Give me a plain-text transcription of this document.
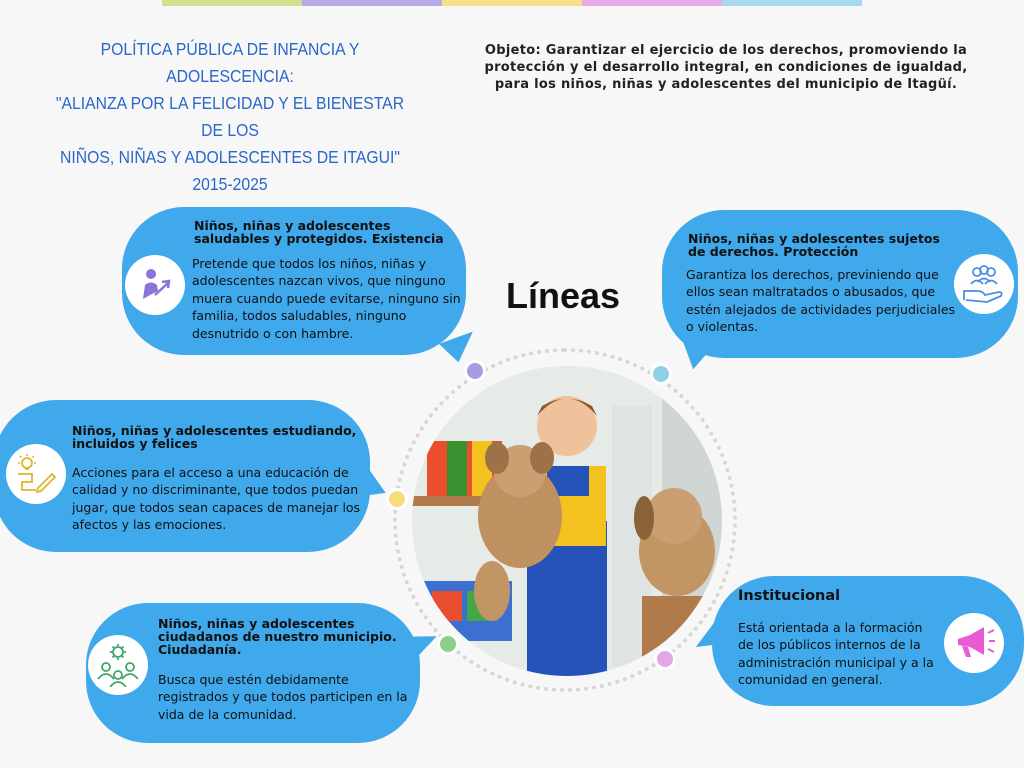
POLÍTICA PÚBLICA DE INFANCIA Y ADOLESCENCIA:
"ALIANZA POR LA FELICIDAD Y EL BIENESTAR DE LOS
NIÑOS, NIÑAS Y ADOLESCENTES DE ITAGUI"
2015-2025
Objeto: Garantizar el ejercicio de los derechos, promoviendo la protección y el desarrollo integral, en condiciones de igualdad, para los niños, niñas y adolescentes del municipio de Itagüí.
Líneas
Niños, niñas y adolescentes saludables y protegidos. Existencia
Pretende que todos los niños, niñas y adolescentes nazcan vivos, que ninguno muera cuando puede evitarse, ninguno sin familia, todos saludables, ninguno desnutrido o con hambre.
Niños, niñas y adolescentes sujetos de derechos. Protección
Garantiza los derechos, previniendo que ellos sean maltratados o abusados, que estén alejados de actividades perjudiciales o violentas.
Niños, niñas y adolescentes estudiando, incluidos y felices
Acciones para el acceso a una educación de calidad y no discriminante, que todos puedan jugar, que todos sean capaces de manejar los afectos y las emociones.
Niños, niñas y adolescentes ciudadanos de nuestro municipio. Ciudadanía.
Busca que estén debidamente registrados y que todos participen en la vida de la comunidad.
Institucional
Está orientada a la formación de los públicos internos de la administración municipal y a la comunidad en general.
